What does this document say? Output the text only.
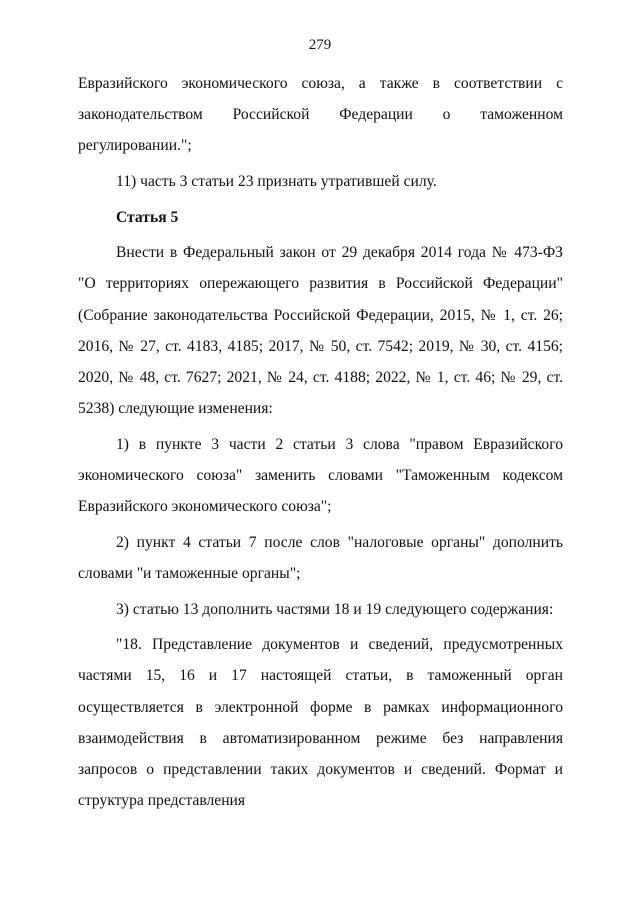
279

Евразийского экономического союза, а также в соответствии с законодательством Российской Федерации о таможенном регулировании.";

11) часть 3 статьи 23 признать утратившей силу.

Статья 5

Внести в Федеральный закон от 29 декабря 2014 года № 473-ФЗ "О территориях опережающего развития в Российской Федерации" (Собрание законодательства Российской Федерации, 2015, № 1, ст. 26; 2016, № 27, ст. 4183, 4185; 2017, № 50, ст. 7542; 2019, № 30, ст. 4156; 2020, № 48, ст. 7627; 2021, № 24, ст. 4188; 2022, № 1, ст. 46; № 29, ст. 5238) следующие изменения:

1) в пункте 3 части 2 статьи 3 слова "правом Евразийского экономического союза" заменить словами "Таможенным кодексом Евразийского экономического союза";

2) пункт 4 статьи 7 после слов "налоговые органы" дополнить словами "и таможенные органы";

3) статью 13 дополнить частями 18 и 19 следующего содержания:

"18. Представление документов и сведений, предусмотренных частями 15, 16 и 17 настоящей статьи, в таможенный орган осуществляется в электронной форме в рамках информационного взаимодействия в автоматизированном режиме без направления запросов о представлении таких документов и сведений. Формат и структура представления
